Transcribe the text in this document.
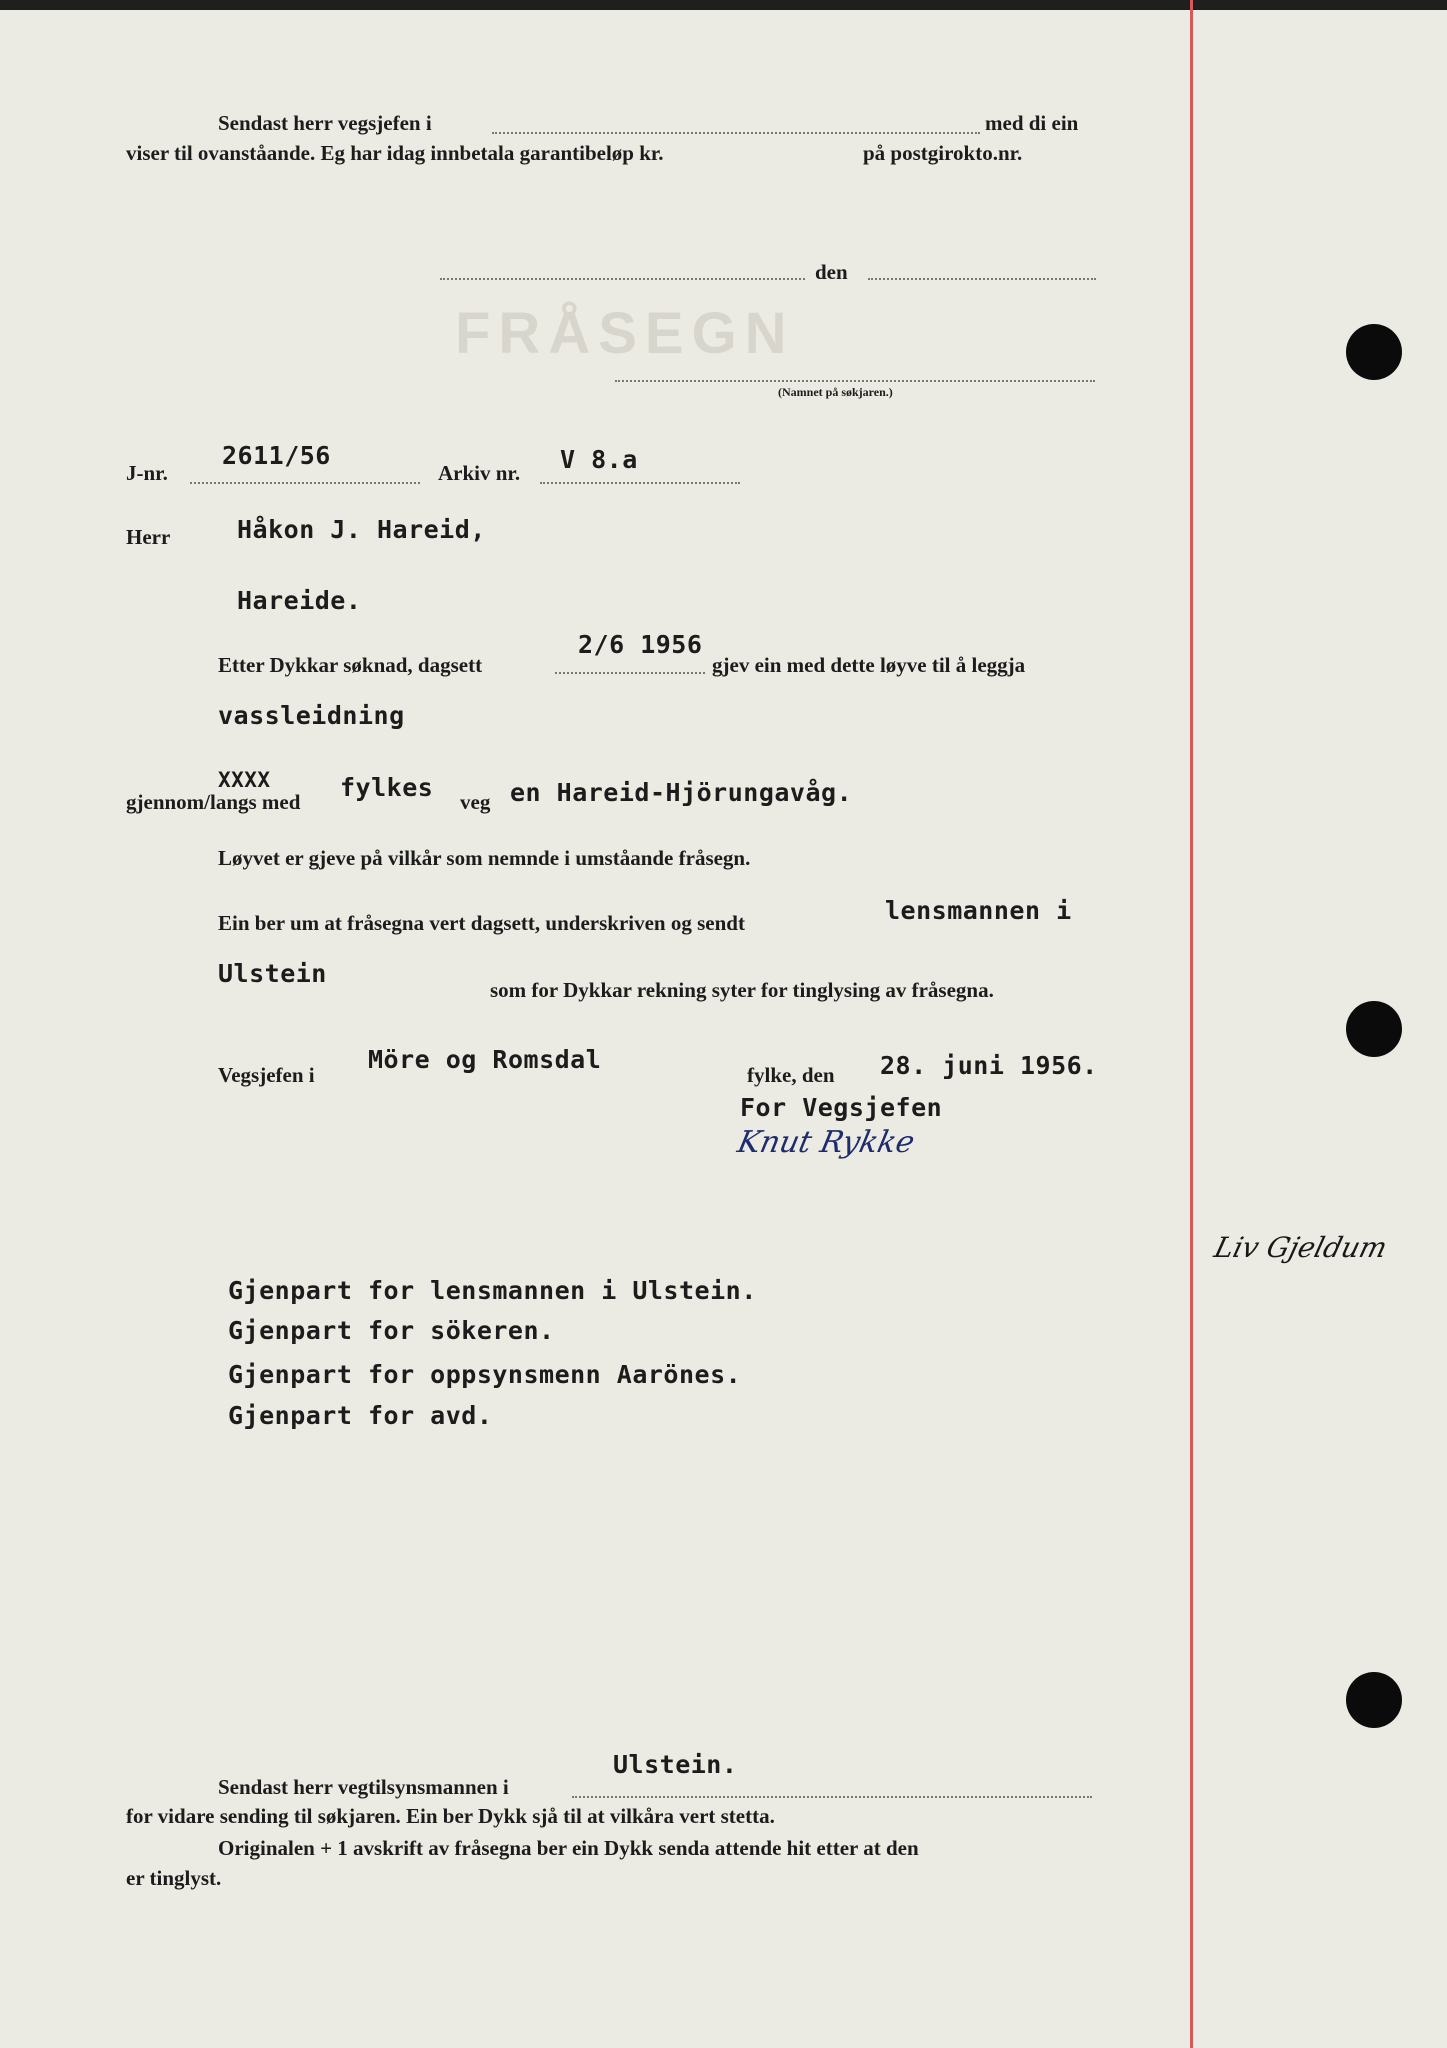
FRÅSEGN
Sendast herr vegsjefen i	med di ein
viser til ovanståande. Eg har idag innbetala garantibeløp kr.	på postgirokto.nr.
den
(Namnet på søkjaren.)
J-nr.
2611/56
Arkiv nr. V 8.a
Herr	Håkon J. Hareid,
Hareide.
Etter Dykkar søknad, dagsett
2/6 1956
gjev ein med dette løyve til å leggja
vassleidning
XXXX
gjennom/langs med fylkes veg en Hareid-Hjörungavåg.
Løyvet er gjeve på vilkår som nemnde i umståande fråsegn.
Ein ber um at fråsegna vert dagsett, underskriven og sendt	lensmannen i
Ulstein
som for Dykkar rekning syter for tinglysing av fråsegna.
Vegsjefen i
Möre og Romsdal
fylke, den 28. juni 1956.
For Vegsjefen
Knut Rykke
Liv Gjeldum
Gjenpart for lensmannen i Ulstein.
Gjenpart for sökeren.
Gjenpart for oppsynsmenn Aarönes.
Gjenpart for avd.
Ulstein.
Sendast herr vegtilsynsmannen i
for vidare sending til søkjaren. Ein ber Dykk sjå til at vilkåra vert stetta.
Originalen + 1 avskrift av fråsegna ber ein Dykk senda attende hit etter at den
er tinglyst.
